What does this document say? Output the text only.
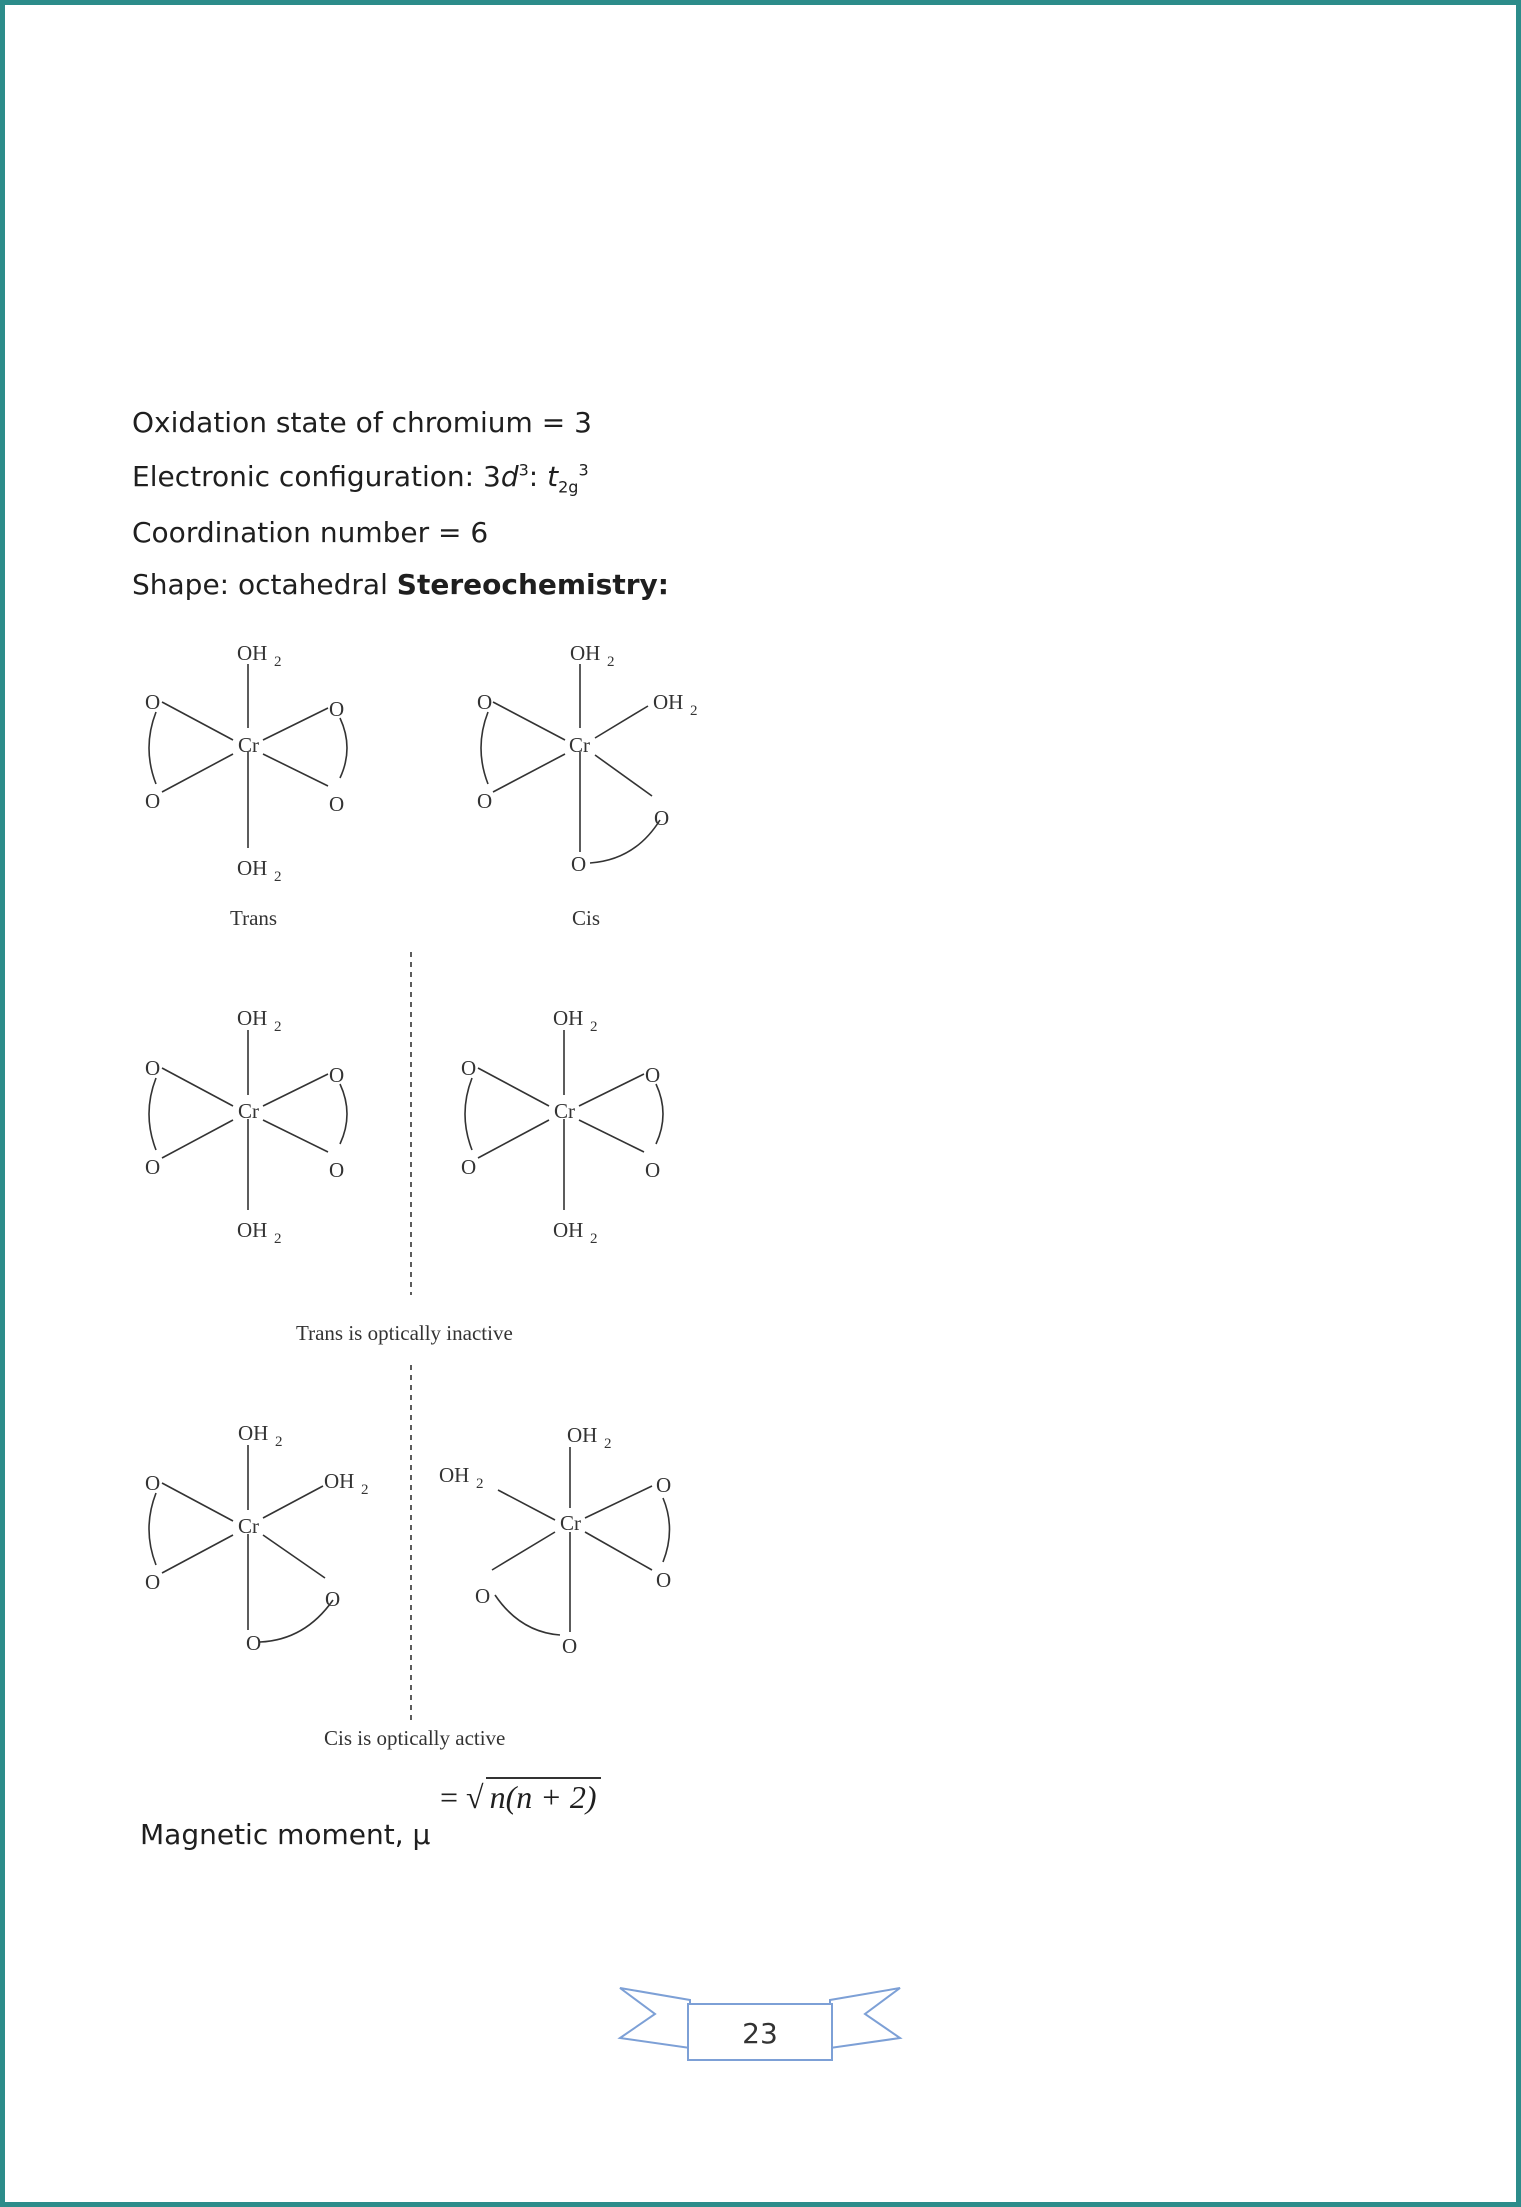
Oxidation state of chromium = 3
Electronic configuration: $3d^3$: $t_{2g}^3$
Coordination number = 6
Shape: octahedral Stereochemistry:
Cr
OH 2
OH 2
O
O
O
O
Trans
Cr
OH 2
OH 2
O
O
O
O
Cis
Cr
OH 2
OH 2
O
O
O
O
Cr
OH 2
OH 2
O
O
O
O
Trans is optically inactive
Cr
OH 2
OH 2
O
O
O
O
Cr
OH 2
OH 2	O
O
O
O
Cis is optically active
Magnetic moment, μ
= √ n(n + 2)
23
